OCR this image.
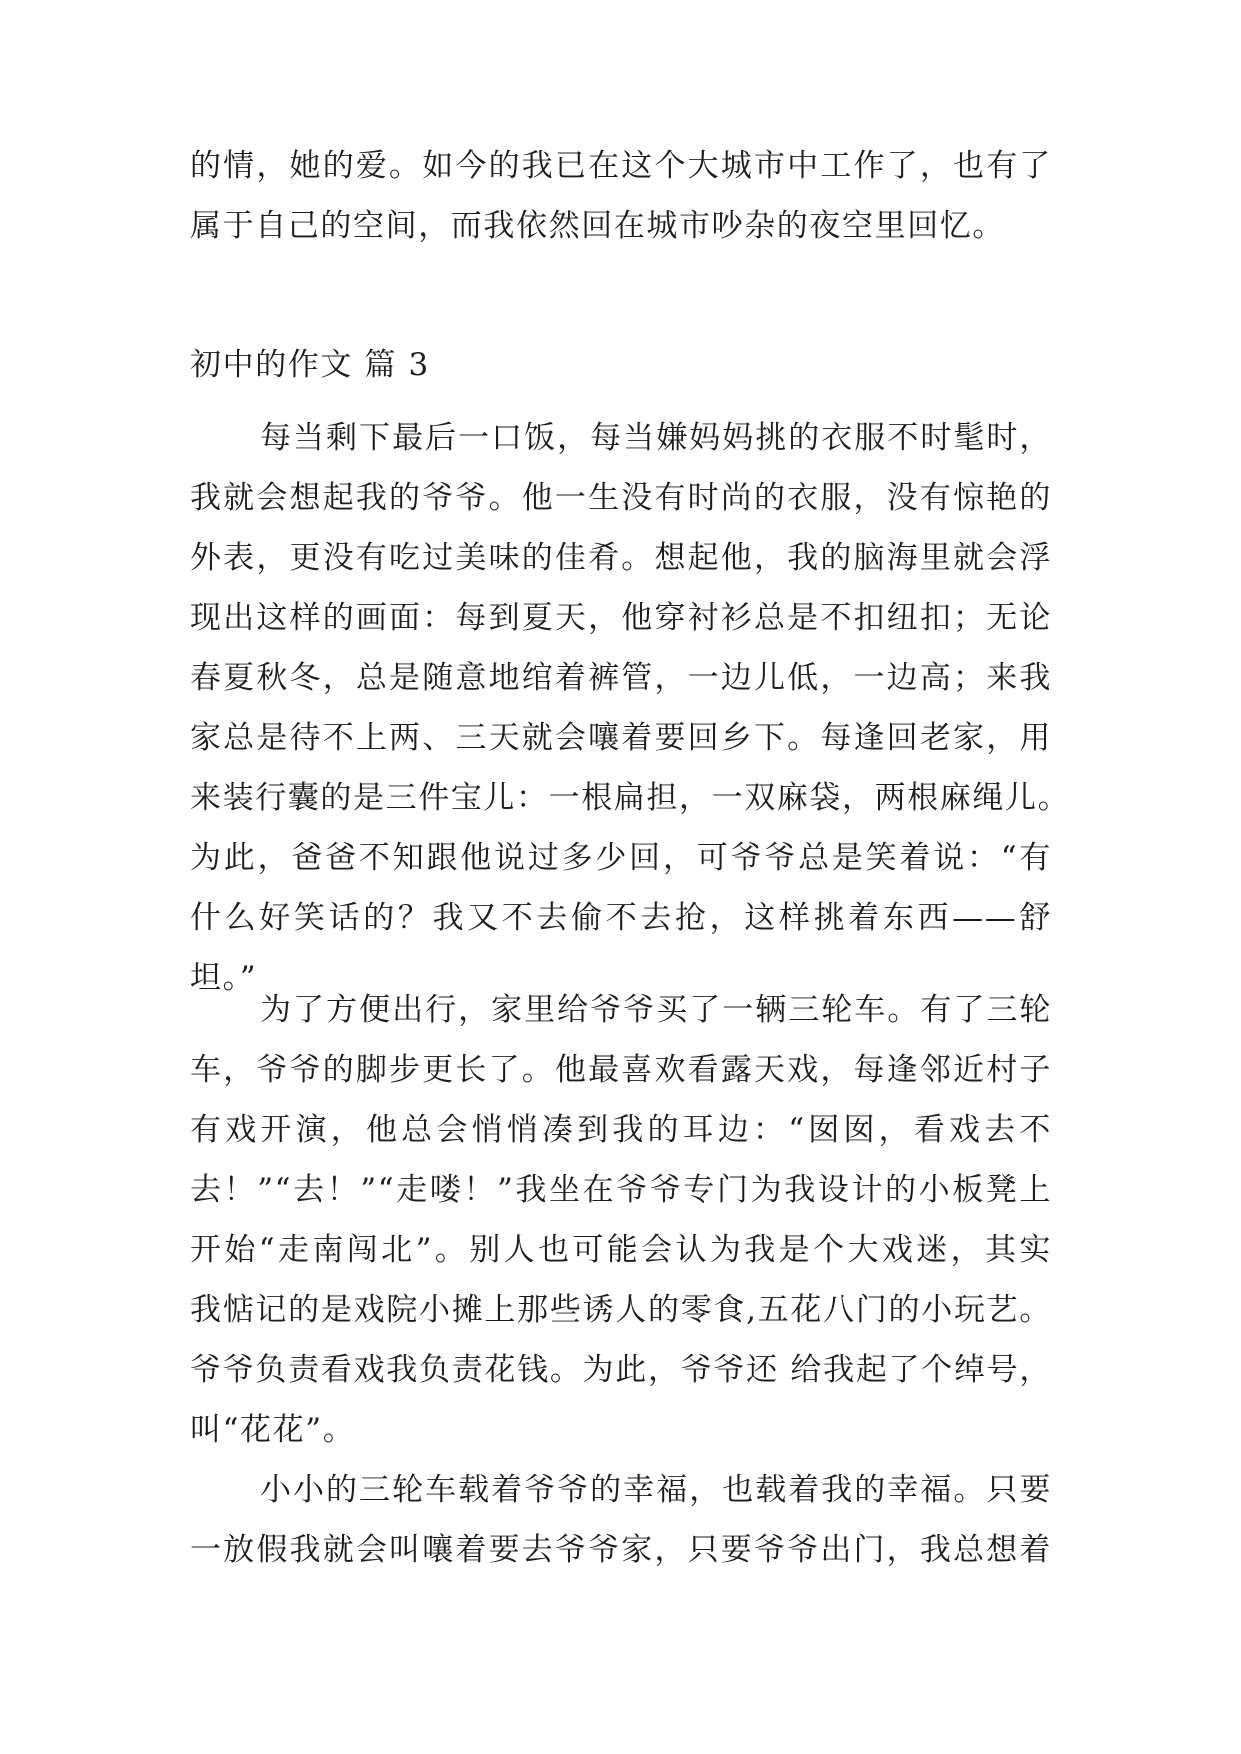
的情，她的爱。如今的我已在这个大城市中工作了，也有了
属于自己的空间，而我依然回在城市吵杂的夜空里回忆。
初中的作文 篇 3
每当剩下最后一口饭，每当嫌妈妈挑的衣服不时髦时，
我就会想起我的爷爷。他一生没有时尚的衣服，没有惊艳的
外表，更没有吃过美味的佳肴。想起他，我的脑海里就会浮
现出这样的画面：每到夏天，他穿衬衫总是不扣纽扣；无论
春夏秋冬，总是随意地绾着裤管，一边儿低，一边高；来我
家总是待不上两、三天就会嚷着要回乡下。每逢回老家，用
来装行囊的是三件宝儿：一根扁担，一双麻袋，两根麻绳儿。
为此，爸爸不知跟他说过多少回，可爷爷总是笑着说：“有
什么好笑话的？我又不去偷不去抢，这样挑着东西——舒
坦。”
为了方便出行，家里给爷爷买了一辆三轮车。有了三轮
车，爷爷的脚步更长了。他最喜欢看露天戏，每逢邻近村子
有戏开演，他总会悄悄凑到我的耳边：“囡囡，看戏去不
去！”“去！”“走喽！”我坐在爷爷专门为我设计的小板凳上
开始“走南闯北”。别人也可能会认为我是个大戏迷，其实
我惦记的是戏院小摊上那些诱人的零食,五花八门的小玩艺。
爷爷负责看戏我负责花钱。为此，爷爷还 给我起了个绰号，
叫“花花”。
小小的三轮车载着爷爷的幸福，也载着我的幸福。只要
一放假我就会叫嚷着要去爷爷家，只要爷爷出门，我总想着
